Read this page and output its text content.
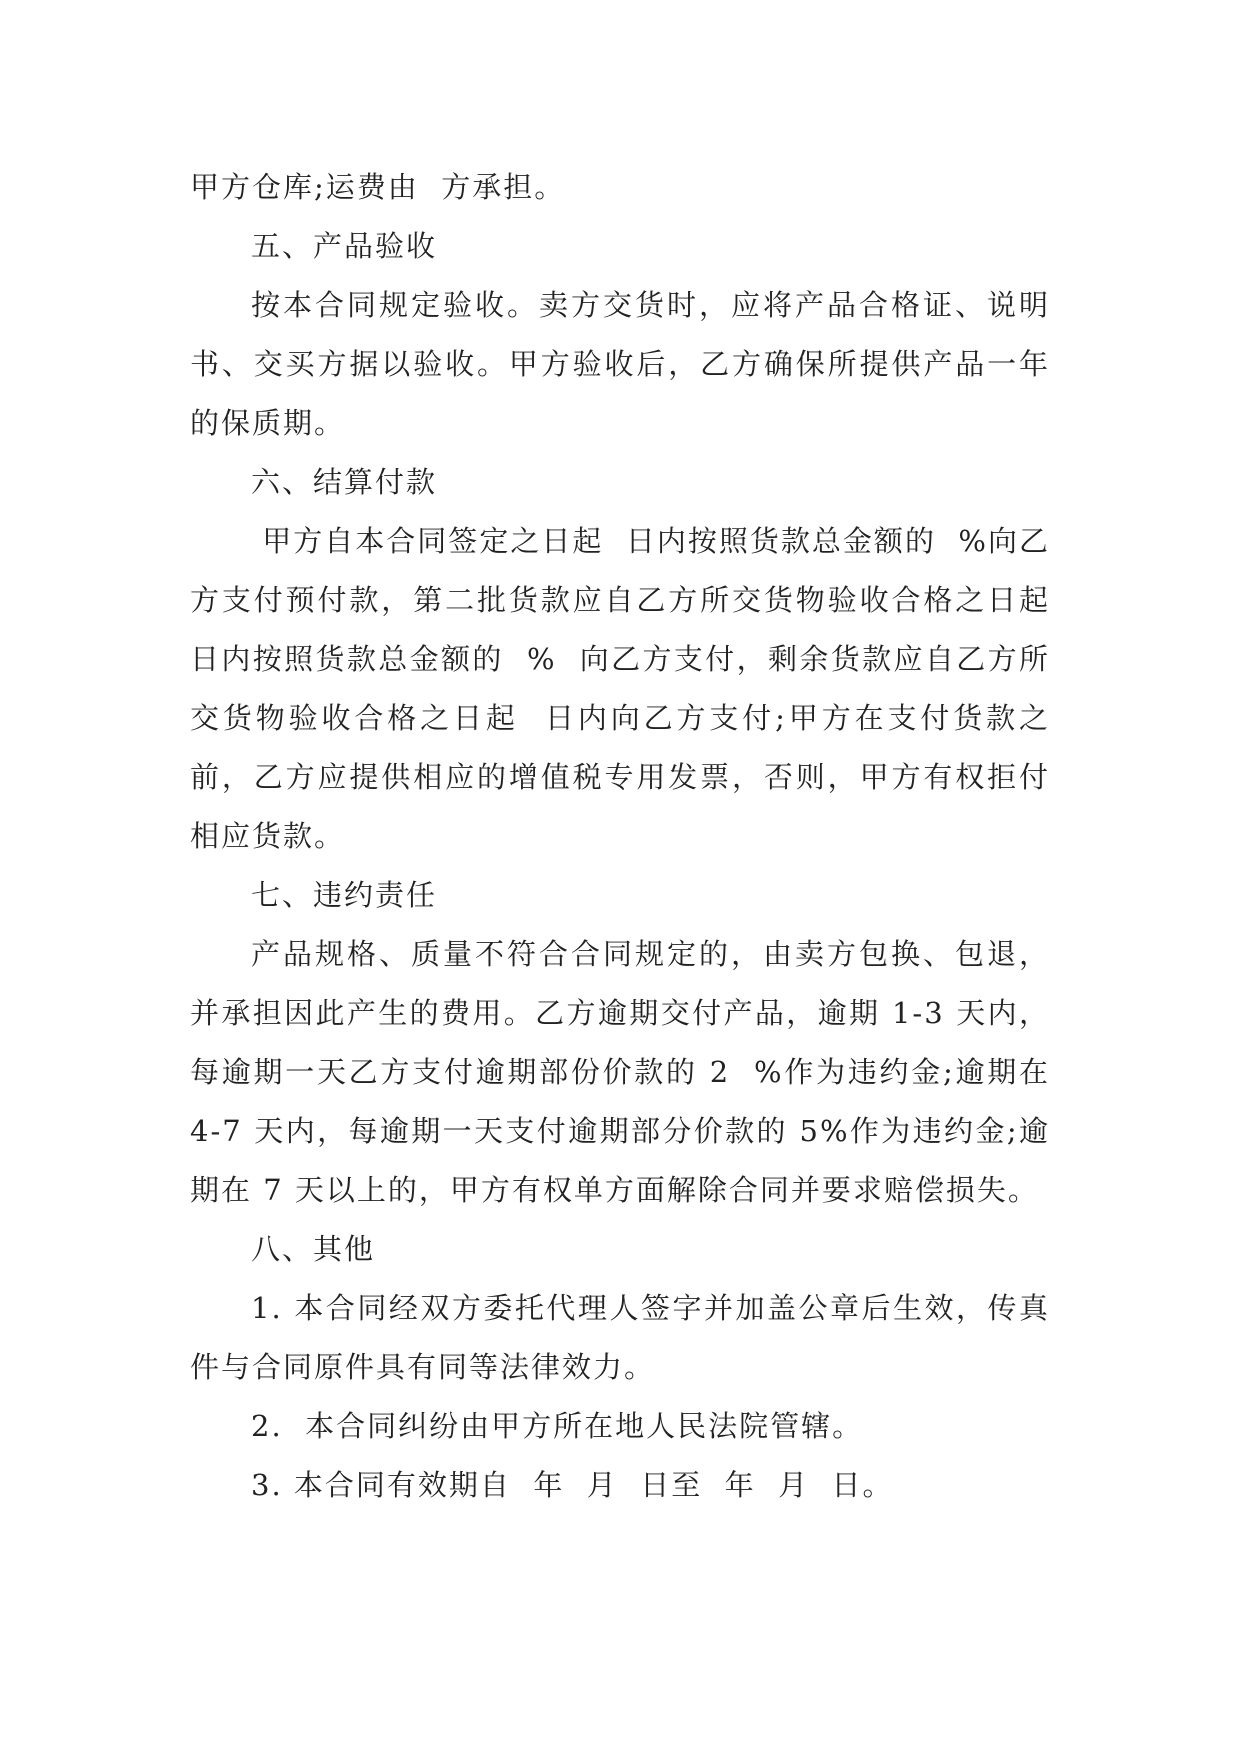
甲方仓库;运费由  方承担。

五、产品验收

按本合同规定验收。卖方交货时，应将产品合格证、说明书、交买方据以验收。甲方验收后，乙方确保所提供产品一年的保质期。

六、结算付款

甲方自本合同签定之日起  日内按照货款总金额的  %向乙方支付预付款，第二批货款应自乙方所交货物验收合格之日起  日内按照货款总金额的  %  向乙方支付，剩余货款应自乙方所交货物验收合格之日起  日内向乙方支付;甲方在支付货款之前，乙方应提供相应的增值税专用发票，否则，甲方有权拒付相应货款。

七、违约责任

产品规格、质量不符合合同规定的，由卖方包换、包退，并承担因此产生的费用。乙方逾期交付产品，逾期 1-3 天内，每逾期一天乙方支付逾期部份价款的 2  %作为违约金;逾期在 4-7 天内，每逾期一天支付逾期部分价款的 5%作为违约金;逾期在 7 天以上的，甲方有权单方面解除合同并要求赔偿损失。

八、其他

1. 本合同经双方委托代理人签字并加盖公章后生效，传真件与合同原件具有同等法律效力。

2.  本合同纠纷由甲方所在地人民法院管辖。

3. 本合同有效期自  年  月  日至  年  月  日。
